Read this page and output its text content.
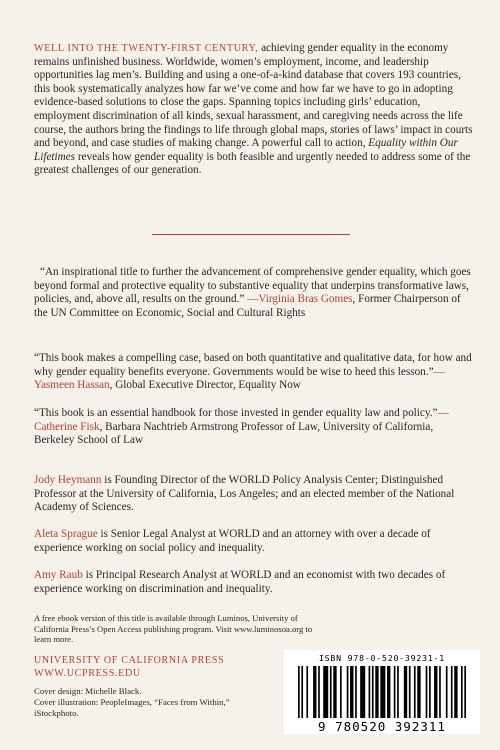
WELL INTO THE TWENTY-FIRST CENTURY, achieving gender equality in the economy remains unfinished business. Worldwide, women’s employment, income, and leadership opportunities lag men’s. Building and using a one-of-a-kind database that covers 193 countries, this book systematically analyzes how far we’ve come and how far we have to go in adopting evidence-based solutions to close the gaps. Spanning topics including girls’ education, employment discrimination of all kinds, sexual harassment, and caregiving needs across the life course, the authors bring the findings to life through global maps, stories of laws’ impact in courts and beyond, and case studies of making change. A powerful call to action, Equality within Our Lifetimes reveals how gender equality is both feasible and urgently needed to address some of the greatest challenges of our generation.
“An inspirational title to further the advancement of comprehensive gender equality, which goes beyond formal and protective equality to substantive equality that underpins transformative laws, policies, and, above all, results on the ground.” —Virginia Bras Gomes, Former Chairperson of the UN Committee on Economic, Social and Cultural Rights
“This book makes a compelling case, based on both quantitative and qualitative data, for how and why gender equality benefits everyone. Governments would be wise to heed this lesson.”—Yasmeen Hassan, Global Executive Director, Equality Now
“This book is an essential handbook for those invested in gender equality law and policy.”—Catherine Fisk, Barbara Nachtrieb Armstrong Professor of Law, University of California, Berkeley School of Law
Jody Heymann is Founding Director of the WORLD Policy Analysis Center; Distinguished Professor at the University of California, Los Angeles; and an elected member of the National Academy of Sciences.
Aleta Sprague is Senior Legal Analyst at WORLD and an attorney with over a decade of experience working on social policy and inequality.
Amy Raub is Principal Research Analyst at WORLD and an economist with two decades of experience working on discrimination and inequality.
A free ebook version of this title is available through Luminos, University of California Press’s Open Access publishing program. Visit www.luminosoa.org to learn more.
UNIVERSITY OF CALIFORNIA PRESS
WWW.UCPRESS.EDU
Cover design: Michelle Black.
Cover illustration: PeopleImages, “Faces from Within,” iStockphoto.
ISBN 978-0-520-39231-1
9 780520 392311
